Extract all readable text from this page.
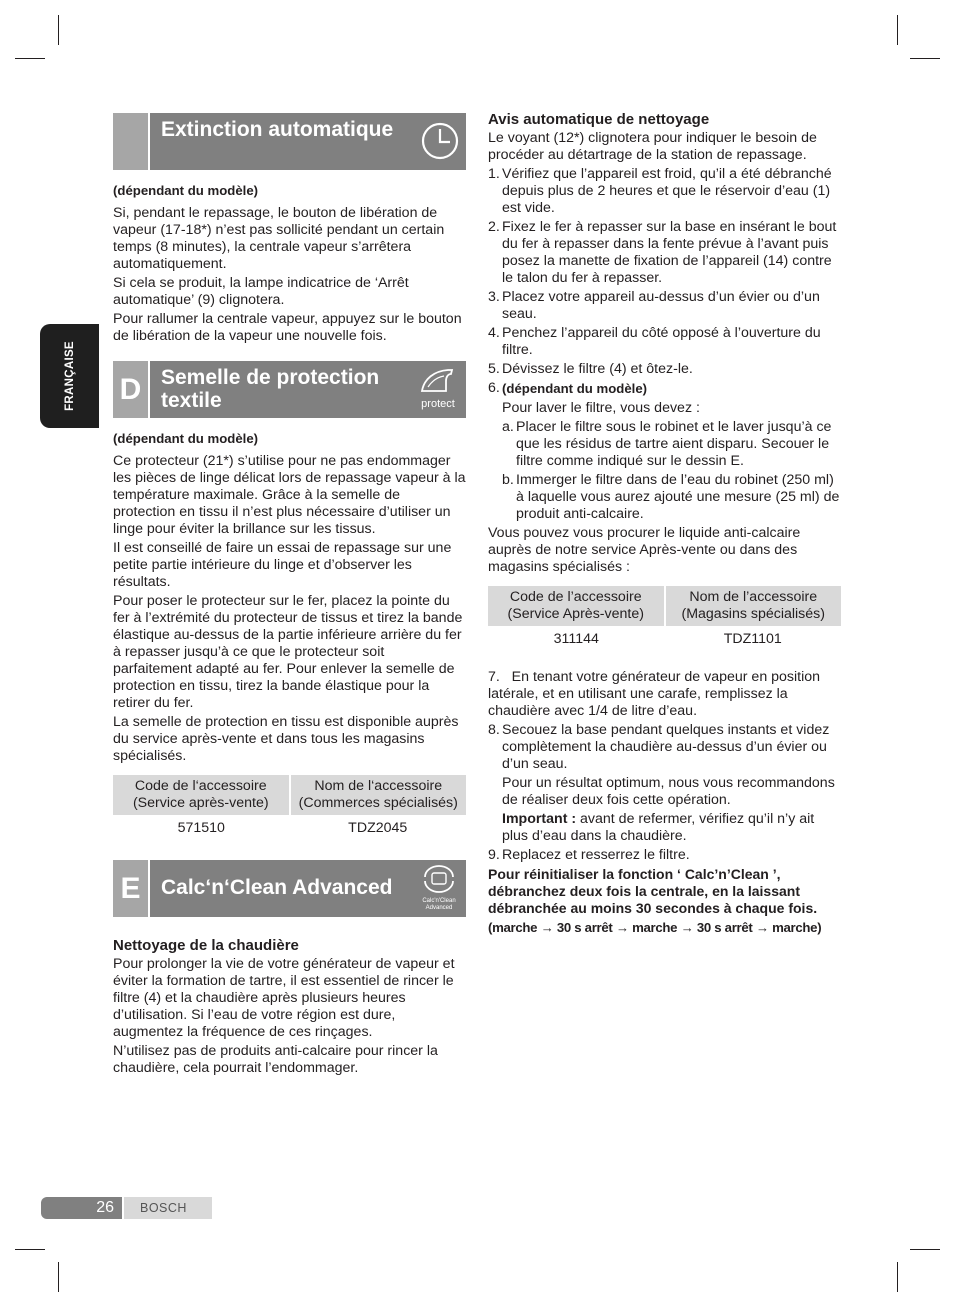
FRANÇAISE
Extinction automatique

(dépendant du modèle)

Si, pendant le repassage, le bouton de libération de vapeur (17-18*) n’est pas sollicité pendant un certain temps (8 minutes), la centrale vapeur s’arrêtera automatiquement.

Si cela se produit, la lampe indicatrice de ‘Arrêt automatique’ (9) clignotera.

Pour rallumer la centrale vapeur, appuyez sur le bouton de libération de la vapeur une nouvelle fois.

D Semelle de protection textile	protect

(dépendant du modèle)

Ce protecteur (21*) s’utilise pour ne pas endommager les pièces de linge délicat lors de repassage vapeur à la température maximale. Grâce à la semelle de protection en tissu il n’est plus nécessaire d’utiliser un linge pour éviter la brillance sur les tissus.

Il est conseillé de faire un essai de repassage sur une petite partie intérieure du linge et d’observer les résultats.

Pour poser le protecteur sur le fer, placez la pointe du fer à l’extrémité du protecteur de tissus et tirez la bande élastique au-dessus de la partie inférieure arrière du fer à repasser jusqu’à ce que le protecteur soit parfaitement adapté au fer. Pour enlever la semelle de protection en tissu, tirez la bande élastique pour la retirer du fer.

La semelle de protection en tissu est disponible auprès du service après-vente et dans tous les magasins spécialisés.

Code de l‘accessoire (Service après-vente)	Nom de l‘accessoire (Commerces spécialisés)
571510	TDZ2045
E Calc‘n‘Clean Advanced
Calc'n'Clean Advanced

Nettoyage de la chaudière

Pour prolonger la vie de votre générateur de vapeur et éviter la formation de tartre, il est essentiel de rincer le filtre (4) et la chaudière après plusieurs heures d’utilisation. Si l’eau de votre région est dure, augmentez la fréquence de ces rinçages.

N’utilisez pas de produits anti-calcaire pour rincer la chaudière, cela pourrait l’endommager.

Avis automatique de nettoyage

Le voyant (12*) clignotera pour indiquer le besoin de procéder au détartrage de la station de repassage.

1. Vérifiez que l’appareil est froid, qu’il a été débranché depuis plus de 2 heures et que le réservoir d’eau (1) est vide.
2. Fixez le fer à repasser sur la base en insérant le bout du fer à repasser dans la fente prévue à l’avant puis posez la manette de fixation de l’appareil (14) contre le talon du fer à repasser.
3. Placez votre appareil au-dessus d’un évier ou d’un seau.
4. Penchez l’appareil du côté opposé à l’ouverture du filtre.
5. Dévissez le filtre (4) et ôtez-le.
6. (dépendant du modèle)

Pour laver le filtre, vous devez :

a. Placer le filtre sous le robinet et le laver jusqu’à ce que les résidus de tartre aient disparu. Secouer le filtre comme indiqué sur le dessin E.
b. Immerger le filtre dans de l’eau du robinet (250 ml) à laquelle vous aurez ajouté une mesure (25 ml) de produit anti-calcaire.

Vous pouvez vous procurer le liquide anti-calcaire auprès de notre service Après-vente ou dans des magasins spécialisés :

Code de l’accessoire (Service Après-vente)	Nom de l’accessoire (Magasins spécialisés)
311144	TDZ1101

7.   En tenant votre générateur de vapeur en position latérale, et en utilisant une carafe, remplissez la chaudière avec 1/4 de litre d’eau.

8. Secouez la base pendant quelques instants et videz complètement la chaudière au-dessus d’un évier ou d’un seau.

Pour un résultat optimum, nous vous recommandons de réaliser deux fois cette opération.

Important : avant de refermer, vérifiez qu’il n’y ait plus d’eau dans la chaudière.

9. Replacez et resserrez le filtre.

Pour réinitialiser la fonction ‘ Calc’n’Clean ’, débranchez deux fois la centrale, en la laissant débranchée au moins 30 secondes à chaque fois.

(marche → 30 s arrêt → marche → 30 s arrêt → marche)

26	BOSCH
